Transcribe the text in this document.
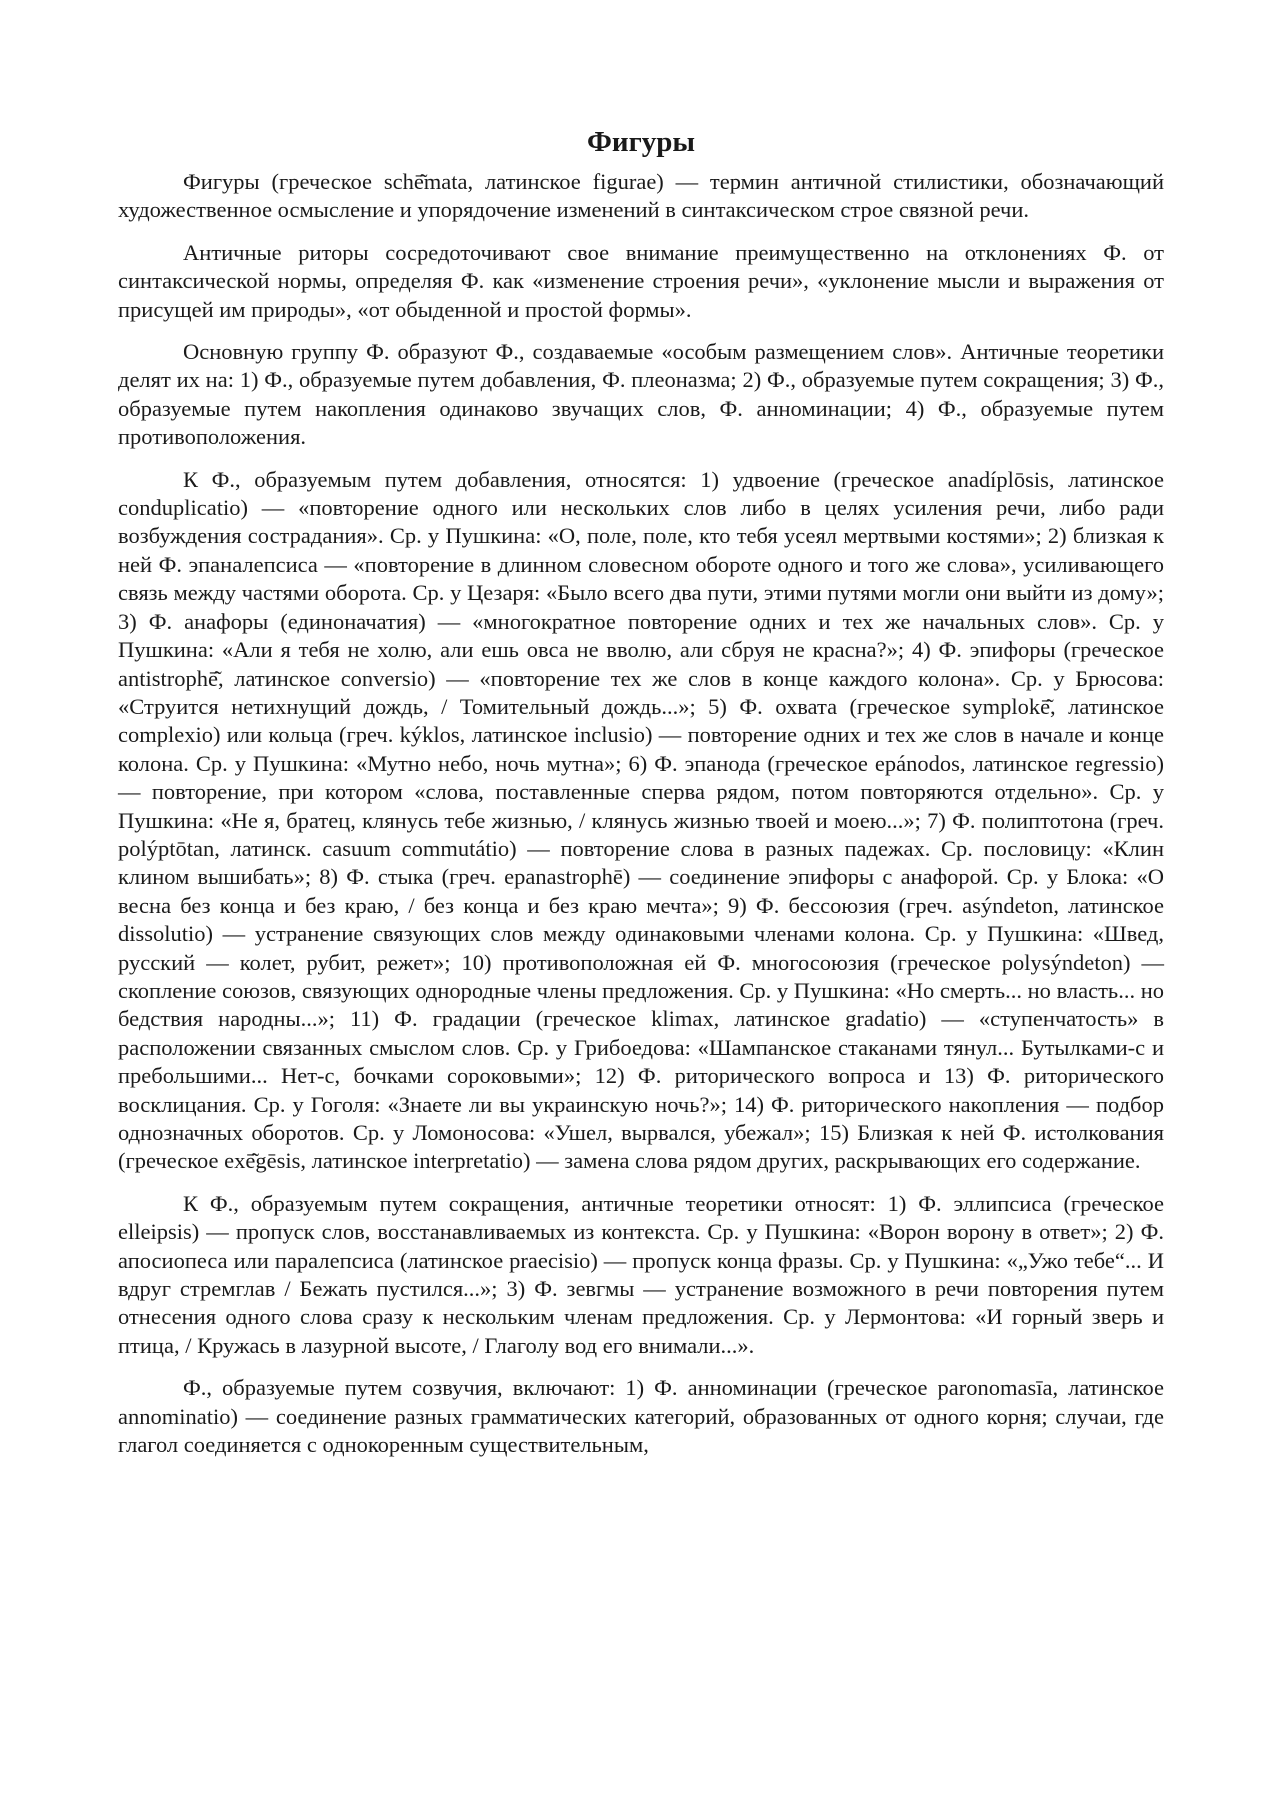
Фигуры

Фигуры (греческое schē͂mata, латинское figurae) — термин античной стилистики, обозначающий художественное осмысление и упорядочение изменений в синтаксическом строе связной речи.

Античные риторы сосредоточивают свое внимание преимущественно на отклонениях Ф. от синтаксической нормы, определяя Ф. как «изменение строения речи», «уклонение мысли и выражения от присущей им природы», «от обыденной и простой формы».

Основную группу Ф. образуют Ф., создаваемые «особым размещением слов». Античные теоретики делят их на: 1) Ф., образуемые путем добавления, Ф. плеоназма; 2) Ф., образуемые путем сокращения; 3) Ф., образуемые путем накопления одинаково звучащих слов, Ф. анноминации; 4) Ф., образуемые путем противоположения.

К Ф., образуемым путем добавления, относятся: 1) удвоение (греческое anadíplōsis, латинское conduplicatio) — «повторение одного или нескольких слов либо в целях усиления речи, либо ради возбуждения сострадания». Ср. у Пушкина: «О, поле, поле, кто тебя усеял мертвыми костями»; 2) близкая к ней Ф. эпаналепсиса — «повторение в длинном словесном обороте одного и того же слова», усиливающего связь между частями оборота. Ср. у Цезаря: «Было всего два пути, этими путями могли они выйти из дому»; 3) Ф. анафоры (единоначатия) — «многократное повторение одних и тех же начальных слов». Ср. у Пушкина: «Али я тебя не холю, али ешь овса не вволю, али сбруя не красна?»; 4) Ф. эпифоры (греческое antistrophē͂, латинское conversio) — «повторение тех же слов в конце каждого колона». Ср. у Брюсова: «Струится нетихнущий дождь, / Томительный дождь...»; 5) Ф. охвата (греческое symplokē͂, латинское complexio) или кольца (греч. kýklos, латинское inclusio) — повторение одних и тех же слов в начале и конце колона. Ср. у Пушкина: «Мутно небо, ночь мутна»; 6) Ф. эпанода (греческое epánodos, латинское regressio) — повторение, при котором «слова, поставленные сперва рядом, потом повторяются отдельно». Ср. у Пушкина: «Не я, братец, клянусь тебе жизнью, / клянусь жизнью твоей и моею...»; 7) Ф. полиптотона (греч. polýptōtan, латинск. casuum commutátio) — повторение слова в разных падежах. Ср. пословицу: «Клин клином вышибать»; 8) Ф. стыка (греч. epanastrophē) — соединение эпифоры с анафорой. Ср. у Блока: «О весна без конца и без краю, / без конца и без краю мечта»; 9) Ф. бессоюзия (греч. asýndeton, латинское dissolutio) — устранение связующих слов между одинаковыми членами колона. Ср. у Пушкина: «Швед, русский — колет, рубит, режет»; 10) противоположная ей Ф. многосоюзия (греческое polysýndeton) — скопление союзов, связующих однородные члены предложения. Ср. у Пушкина: «Но смерть... но власть... но бедствия народны...»; 11) Ф. градации (греческое klimax, латинское gradatio) — «ступенчатость» в расположении связанных смыслом слов. Ср. у Грибоедова: «Шампанское стаканами тянул... Бутылками-с и пребольшими... Нет-с, бочками сороковыми»; 12) Ф. риторического вопроса и 13) Ф. риторического восклицания. Ср. у Гоголя: «Знаете ли вы украинскую ночь?»; 14) Ф. риторического накопления — подбор однозначных оборотов. Ср. у Ломоносова: «Ушел, вырвался, убежал»; 15) Близкая к ней Ф. истолкования (греческое exē͂gēsis, латинское interpretatio) — замена слова рядом других, раскрывающих его содержание.

К Ф., образуемым путем сокращения, античные теоретики относят: 1) Ф. эллипсиса (греческое elleipsis) — пропуск слов, восстанавливаемых из контекста. Ср. у Пушкина: «Ворон ворону в ответ»; 2) Ф. апосиопеса или паралепсиса (латинское praecisio) — пропуск конца фразы. Ср. у Пушкина: «„Ужо тебе“... И вдруг стремглав / Бежать пустился...»; 3) Ф. зевгмы — устранение возможного в речи повторения путем отнесения одного слова сразу к нескольким членам предложения. Ср. у Лермонтова: «И горный зверь и птица, / Кружась в лазурной высоте, / Глаголу вод его внимали...».

Ф., образуемые путем созвучия, включают: 1) Ф. анноминации (греческое paronomasīa, латинское annominatio) — соединение разных грамматических категорий, образованных от одного корня; случаи, где глагол соединяется с однокоренным существительным,
